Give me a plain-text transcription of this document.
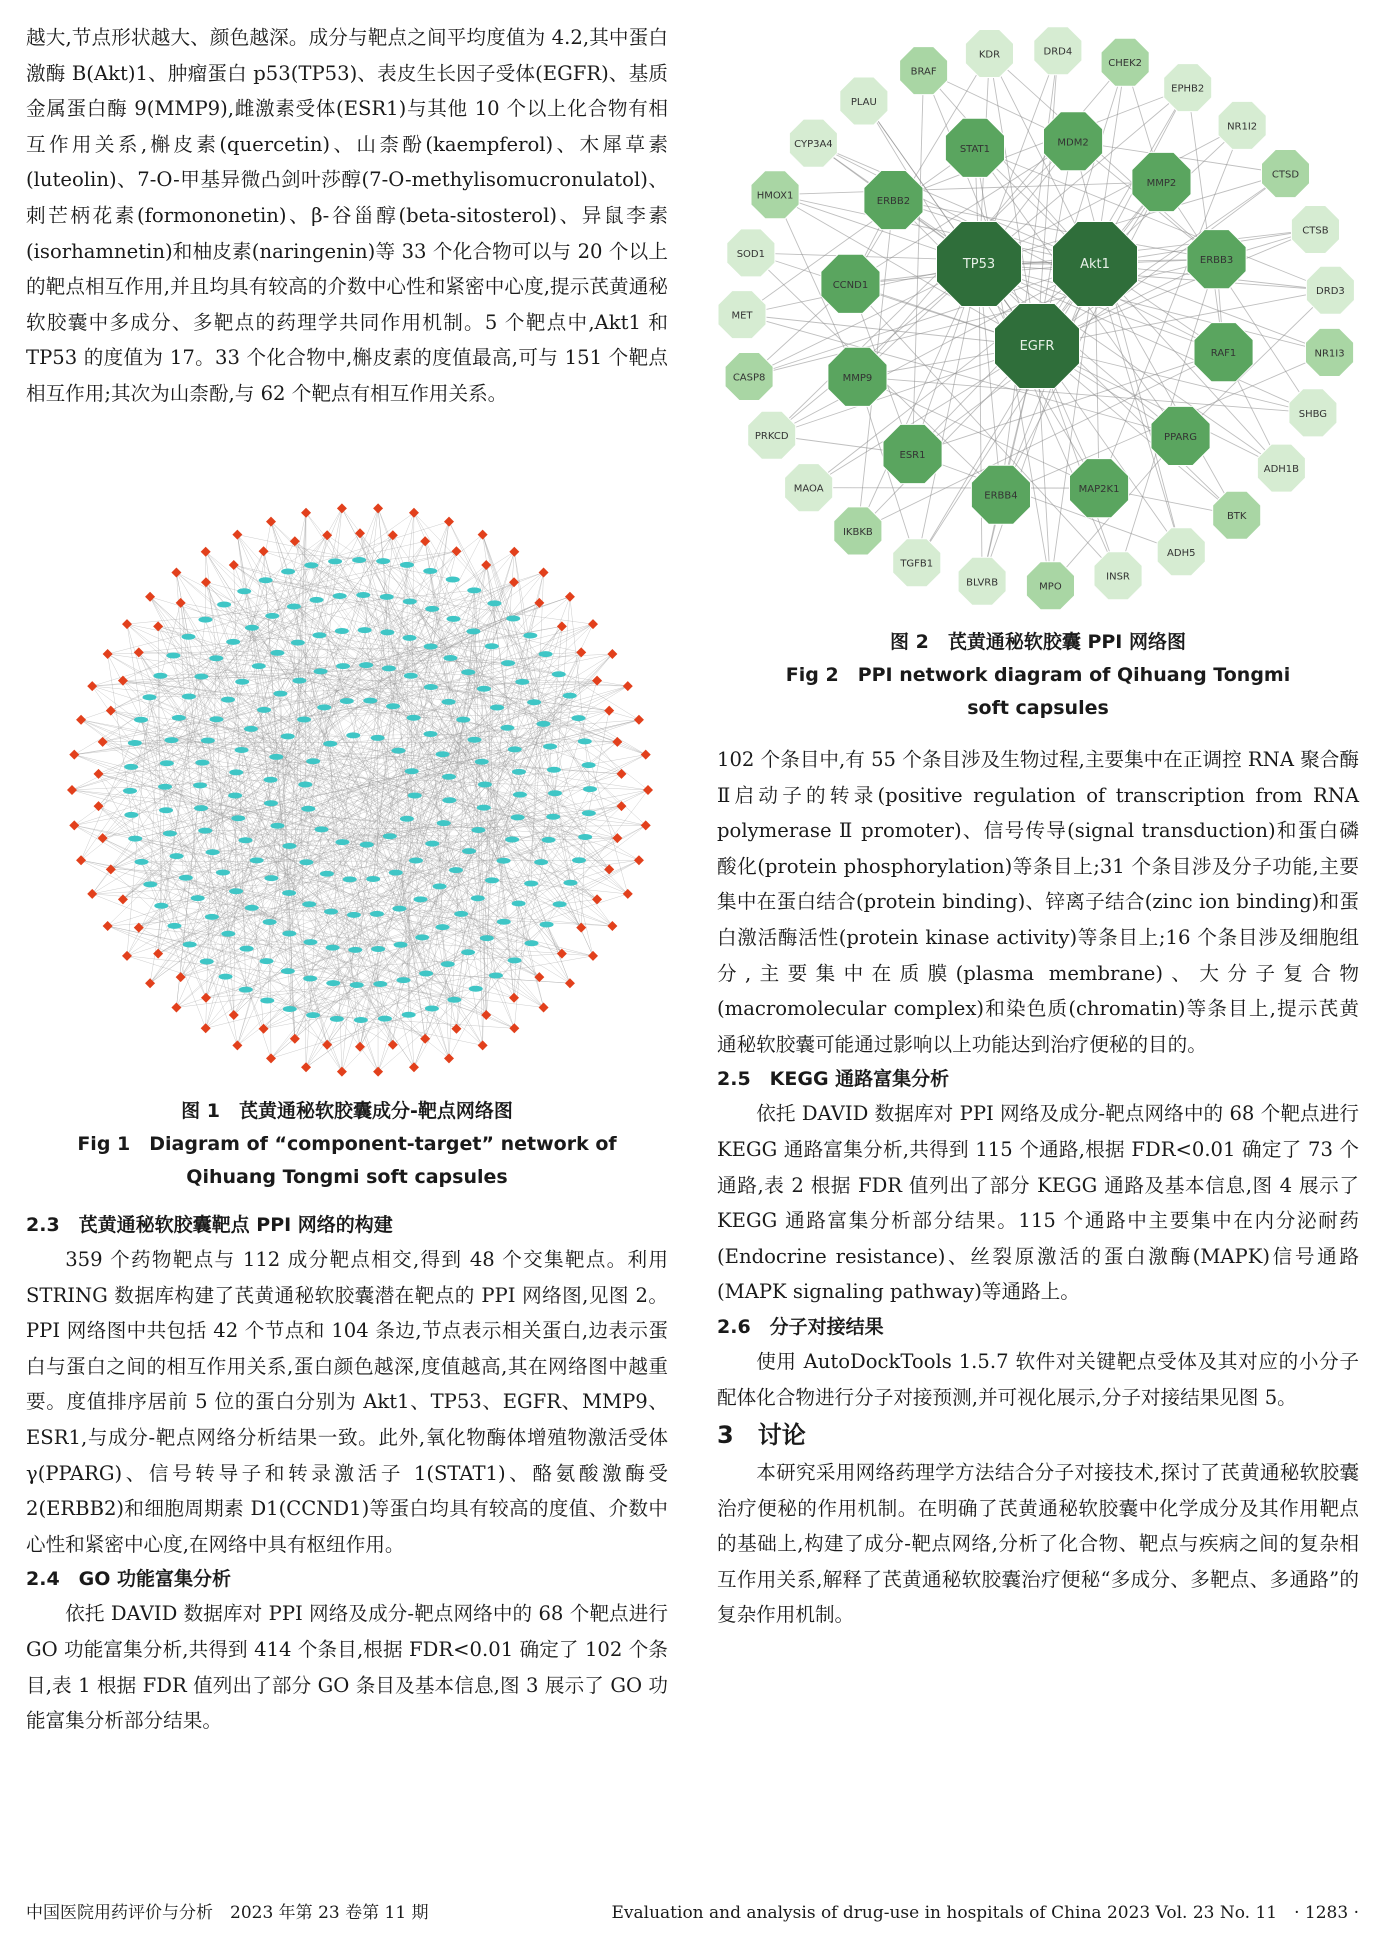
越大,节点形状越大、颜色越深。成分与靶点之间平均度值为 4.2,其中蛋白激酶 B(Akt)1、肿瘤蛋白 p53(TP53)、表皮生长因子受体(EGFR)、基质金属蛋白酶 9(MMP9),雌激素受体(ESR1)与其他 10 个以上化合物有相互作用关系,槲皮素(quercetin)、山柰酚(kaempferol)、木犀草素(luteolin)、7-O-甲基异微凸剑叶莎醇(7-O-methylisomucronulatol)、刺芒柄花素(formononetin)、β-谷甾醇(beta-sitosterol)、异鼠李素(isorhamnetin)和柚皮素(naringenin)等 33 个化合物可以与 20 个以上的靶点相互作用,并且均具有较高的介数中心性和紧密中心度,提示芪黄通秘软胶囊中多成分、多靶点的药理学共同作用机制。5 个靶点中,Akt1 和 TP53 的度值为 17。33 个化合物中,槲皮素的度值最高,可与 151 个靶点相互作用;其次为山柰酚,与 62 个靶点有相互作用关系。

图 1　芪黄通秘软胶囊成分-靶点网络图
Fig 1　Diagram of “component-target” network of
Qihuang Tongmi soft capsules
2.3　芪黄通秘软胶囊靶点 PPI 网络的构建

359 个药物靶点与 112 成分靶点相交,得到 48 个交集靶点。利用 STRING 数据库构建了芪黄通秘软胶囊潜在靶点的 PPI 网络图,见图 2。PPI 网络图中共包括 42 个节点和 104 条边,节点表示相关蛋白,边表示蛋白与蛋白之间的相互作用关系,蛋白颜色越深,度值越高,其在网络图中越重要。度值排序居前 5 位的蛋白分别为 Akt1、TP53、EGFR、MMP9、ESR1,与成分-靶点网络分析结果一致。此外,氧化物酶体增殖物激活受体 γ(PPARG)、信号转导子和转录激活子 1(STAT1)、酪氨酸激酶受 2(ERBB2)和细胞周期素 D1(CCND1)等蛋白均具有较高的度值、介数中心性和紧密中心度,在网络中具有枢纽作用。

2.4　GO 功能富集分析

依托 DAVID 数据库对 PPI 网络及成分-靶点网络中的 68 个靶点进行 GO 功能富集分析,共得到 414 个条目,根据 FDR<0.01 确定了 102 个条目,表 1 根据 FDR 值列出了部分 GO 条目及基本信息,图 3 展示了 GO 功能富集分析部分结果。

TP53	Akt1
EGFR
MDM2
MMP2
ERBB3
RAF1
PPARG
MAP2K1
ERBB4
ESR1
MMP9
CCND1
ERBB2
STAT1
DRD4
CHEK2
EPHB2
NR1I2
CTSD
CTSB
DRD3
NR1I3
SHBG
ADH1B
BTK
ADH5
INSR
MPO
BLVRB
TGFB1
IKBKB
MAOA
PRKCD
CASP8
MET
SOD1
HMOX1
CYP3A4
PLAU
BRAF
KDR
图 2　芪黄通秘软胶囊 PPI 网络图
Fig 2　PPI network diagram of Qihuang Tongmi
soft capsules

102 个条目中,有 55 个条目涉及生物过程,主要集中在正调控 RNA 聚合酶Ⅱ启动子的转录(positive regulation of transcription from RNA polymerase Ⅱ promoter)、信号传导(signal transduction)和蛋白磷酸化(protein phosphorylation)等条目上;31 个条目涉及分子功能,主要集中在蛋白结合(protein binding)、锌离子结合(zinc ion binding)和蛋白激活酶活性(protein kinase activity)等条目上;16 个条目涉及细胞组分,主要集中在质膜(plasma membrane)、大分子复合物(macromolecular complex)和染色质(chromatin)等条目上,提示芪黄通秘软胶囊可能通过影响以上功能达到治疗便秘的目的。

2.5　KEGG 通路富集分析

依托 DAVID 数据库对 PPI 网络及成分-靶点网络中的 68 个靶点进行 KEGG 通路富集分析,共得到 115 个通路,根据 FDR<0.01 确定了 73 个通路,表 2 根据 FDR 值列出了部分 KEGG 通路及基本信息,图 4 展示了 KEGG 通路富集分析部分结果。115 个通路中主要集中在内分泌耐药(Endocrine resistance)、丝裂原激活的蛋白激酶(MAPK)信号通路(MAPK signaling pathway)等通路上。

2.6　分子对接结果

使用 AutoDockTools 1.5.7 软件对关键靶点受体及其对应的小分子配体化合物进行分子对接预测,并可视化展示,分子对接结果见图 5。

3　讨论

本研究采用网络药理学方法结合分子对接技术,探讨了芪黄通秘软胶囊治疗便秘的作用机制。在明确了芪黄通秘软胶囊中化学成分及其作用靶点的基础上,构建了成分-靶点网络,分析了化合物、靶点与疾病之间的复杂相互作用关系,解释了芪黄通秘软胶囊治疗便秘“多成分、多靶点、多通路”的复杂作用机制。

中国医院用药评价与分析　2023 年第 23 卷第 11 期	Evaluation and analysis of drug-use in hospitals of China 2023 Vol. 23 No. 11　· 1283 ·
